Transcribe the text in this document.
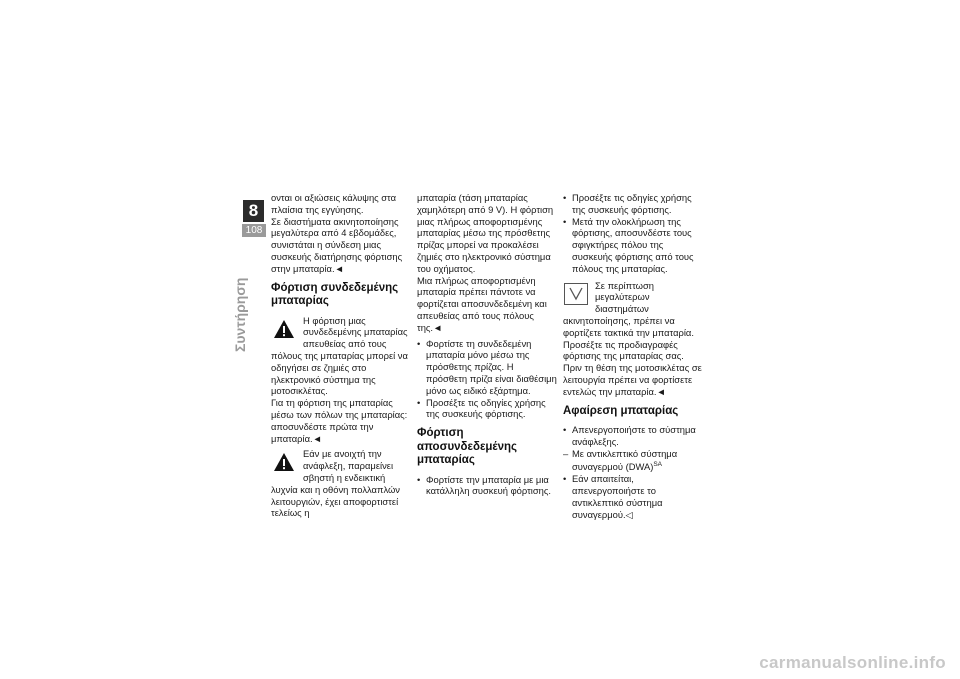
8
108
Συντήρηση

ονται οι αξιώσεις κάλυψης στα πλαίσια της εγγύησης.

Σε διαστήματα ακινητοποίησης μεγαλύτερα από 4 εβδομάδες, συνιστάται η σύνδεση μιας συσκευής διατήρησης φόρτισης στην μπαταρία.◄

Φόρτιση συνδεδεμένης μπαταρίας

Η φόρτιση μιας συνδεδεμένης μπαταρίας απευθείας από τους πόλους της μπαταρίας μπορεί να οδηγήσει σε ζημιές στο ηλεκτρονικό σύστημα της μοτοσικλέτας.

Για τη φόρτιση της μπαταρίας μέσω των πόλων της μπαταρίας: αποσυνδέστε πρώτα την μπαταρία.◄

Εάν με ανοιχτή την ανάφλεξη, παραμείνει σβηστή η ενδεικτική λυχνία και η οθόνη πολλαπλών λειτουργιών, έχει αποφορτιστεί τελείως η

μπαταρία (τάση μπαταρίας χαμηλότερη από 9 V). Η φόρτιση μιας πλήρως αποφορτισμένης μπαταρίας μέσω της πρόσθετης πρίζας μπορεί να προκαλέσει ζημιές στο ηλεκτρονικό σύστημα του οχήματος.

Μια πλήρως αποφορτισμένη μπαταρία πρέπει πάντοτε να φορτίζεται αποσυνδεδεμένη και απευθείας από τους πόλους της.◄

• Φορτίστε τη συνδεδεμένη μπαταρία μόνο μέσω της πρόσθετης πρίζας. Η πρόσθετη πρίζα είναι διαθέσιμη μόνο ως ειδικό εξάρτημα.
• Προσέξτε τις οδηγίες χρήσης της συσκευής φόρτισης.
Φόρτιση αποσυνδεδεμένης μπαταρίας
• Φορτίστε την μπαταρία με μια κατάλληλη συσκευή φόρτισης.
• Προσέξτε τις οδηγίες χρήσης της συσκευής φόρτισης.
• Μετά την ολοκλήρωση της φόρτισης, αποσυνδέστε τους σφιγκτήρες πόλου της συσκευής φόρτισης από τους πόλους της μπαταρίας.

Σε περίπτωση μεγαλύτερων διαστημάτων ακινητοποίησης, πρέπει να φορτίζετε τακτικά την μπαταρία. Προσέξτε τις προδιαγραφές φόρτισης της μπαταρίας σας. Πριν τη θέση της μοτοσικλέτας σε λειτουργία πρέπει να φορτίσετε εντελώς την μπαταρία.◄

Αφαίρεση μπαταρίας
• Απενεργοποιήστε το σύστημα ανάφλεξης.
– Με αντικλεπτικό σύστημα συναγερμού (DWA)$^{SA}$
• Εάν απαιτείται, απενεργοποιήστε το αντικλεπτικό σύστημα συναγερμού.◁
carmanualsonline.info
